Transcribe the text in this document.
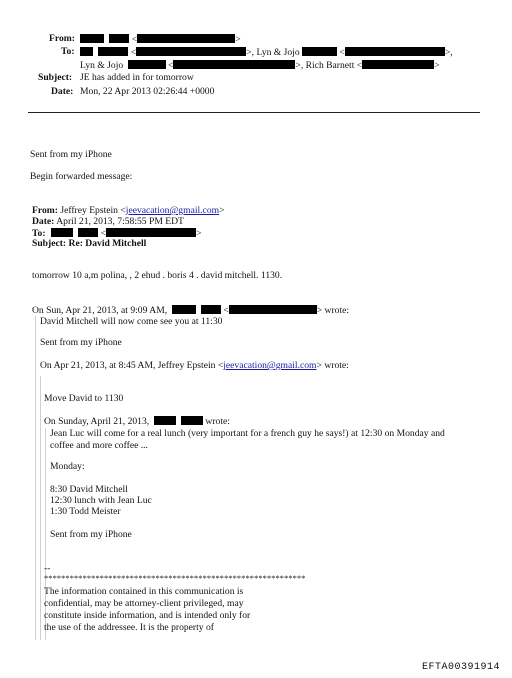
From:	<	>
To:	<	>, Lyn & Jojo	<	>,
Lyn & Jojo	<	>, Rich Barnett <	>
Subject: JE has added in for tomorrow
Date: Mon, 22 Apr 2013 02:26:44 +0000
Sent from my iPhone
Begin forwarded message:
From: Jeffrey Epstein <jeevacation@gmail.com>
Date: April 21, 2013, 7:58:55 PM EDT
To:	<	>
Subject: Re: David Mitchell
tomorrow 10 a,m polina, , 2 ehud . boris 4 . david mitchell. 1130.
On Sun, Apr 21, 2013, at 9:09 AM,	<	> wrote:
David Mitchell will now come see you at 11:30
Sent from my iPhone
On Apr 21, 2013, at 8:45 AM, Jeffrey Epstein <jeevacation@gmail.com> wrote:
Move David to 1130
On Sunday, April 21, 2013,	wrote:
Jean Luc will come for a real lunch (very important for a french guy he says!) at 12:30 on Monday and
coffee and more coffee ...
Monday:
8:30 David Mitchell
12:30 lunch with Jean Luc
1:30 Todd Meister
Sent from my iPhone
--
*************************************************************
The information contained in this communication is
confidential, may be attorney-client privileged, may
constitute inside information, and is intended only for
the use of the addressee. It is the property of
EFTA00391914
